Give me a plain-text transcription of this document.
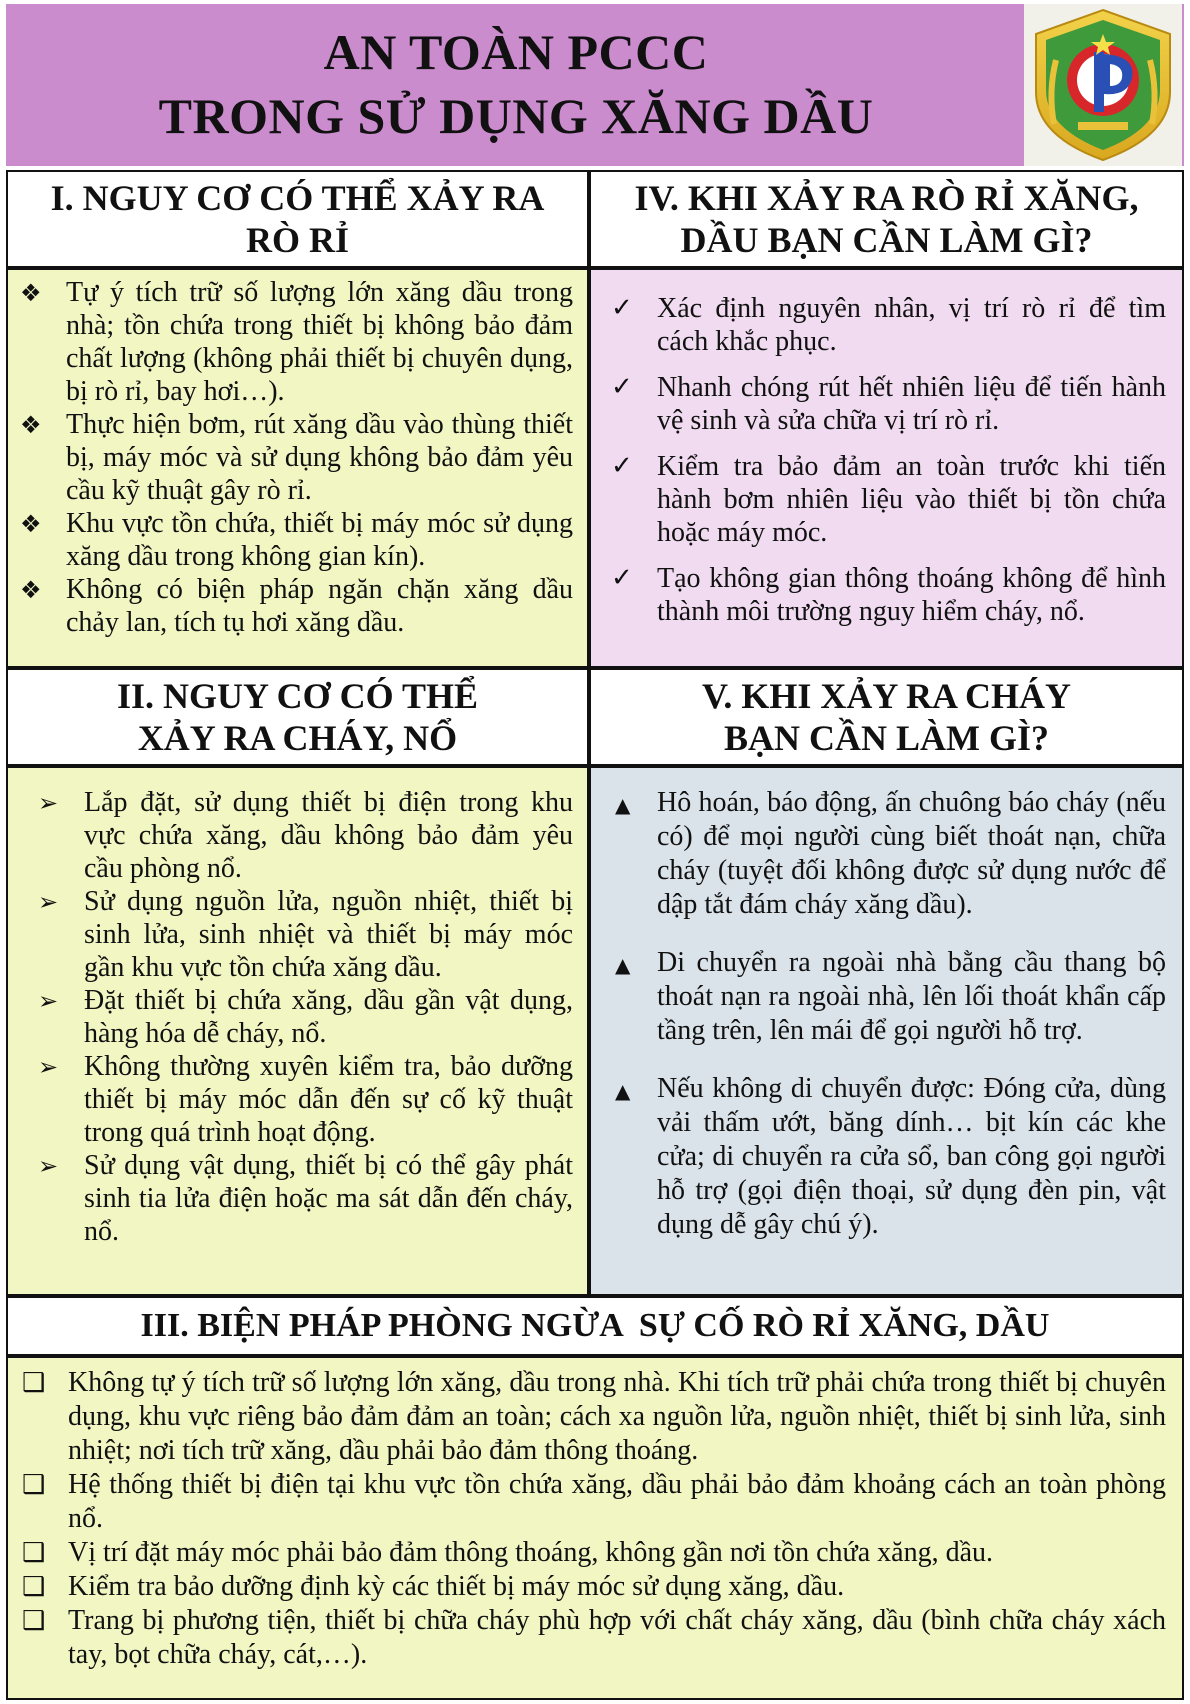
AN TOÀN PCCC
TRONG SỬ DỤNG XĂNG DẦU
I. NGUY CƠ CÓ THỂ XẢY RA
RÒ RỈ
IV. KHI XẢY RA RÒ RỈ XĂNG,
DẦU BẠN CẦN LÀM GÌ?
❖ Tự ý tích trữ số lượng lớn xăng dầu trong nhà; tồn chứa trong thiết bị không bảo đảm chất lượng (không phải thiết bị chuyên dụng, bị rò rỉ, bay hơi…).
❖ Thực hiện bơm, rút xăng dầu vào thùng thiết bị, máy móc và sử dụng không bảo đảm yêu cầu kỹ thuật gây rò rỉ.
❖ Khu vực tồn chứa, thiết bị máy móc sử dụng xăng dầu trong không gian kín).
❖ Không có biện pháp ngăn chặn xăng dầu chảy lan, tích tụ hơi xăng dầu.
✓ Xác định nguyên nhân, vị trí rò rỉ để tìm cách khắc phục.
✓ Nhanh chóng rút hết nhiên liệu để tiến hành vệ sinh và sửa chữa vị trí rò rỉ.
✓ Kiểm tra bảo đảm an toàn trước khi tiến hành bơm nhiên liệu vào thiết bị tồn chứa hoặc máy móc.
✓ Tạo không gian thông thoáng không để hình thành môi trường nguy hiểm cháy, nổ.
II. NGUY CƠ CÓ THỂ
XẢY RA CHÁY, NỔ
V. KHI XẢY RA CHÁY
BẠN CẦN LÀM GÌ?
➢ Lắp đặt, sử dụng thiết bị điện trong khu vực chứa xăng, dầu không bảo đảm yêu cầu phòng nổ.
➢ Sử dụng nguồn lửa, nguồn nhiệt, thiết bị sinh lửa, sinh nhiệt và thiết bị máy móc gần khu vực tồn chứa xăng dầu.
➢ Đặt thiết bị chứa xăng, dầu gần vật dụng, hàng hóa dễ cháy, nổ.
➢ Không thường xuyên kiểm tra, bảo dưỡng thiết bị máy móc dẫn đến sự cố kỹ thuật trong quá trình hoạt động.
➢ Sử dụng vật dụng, thiết bị có thể gây phát sinh tia lửa điện hoặc ma sát dẫn đến cháy, nổ.
▲ Hô hoán, báo động, ấn chuông báo cháy (nếu có) để mọi người cùng biết thoát nạn, chữa cháy (tuyệt đối không được sử dụng nước để dập tắt đám cháy xăng dầu).
▲ Di chuyển ra ngoài nhà bằng cầu thang bộ thoát nạn ra ngoài nhà, lên lối thoát khẩn cấp tầng trên, lên mái để gọi người hỗ trợ.
▲ Nếu không di chuyển được: Đóng cửa, dùng vải thấm ướt, băng dính… bịt kín các khe cửa; di chuyển ra cửa sổ, ban công gọi người hỗ trợ (gọi điện thoại, sử dụng đèn pin, vật dụng dễ gây chú ý).
III. BIỆN PHÁP PHÒNG NGỪA  SỰ CỐ RÒ RỈ XĂNG, DẦU
❑ Không tự ý tích trữ số lượng lớn xăng, dầu trong nhà. Khi tích trữ phải chứa trong thiết bị chuyên dụng, khu vực riêng bảo đảm đảm an toàn; cách xa nguồn lửa, nguồn nhiệt, thiết bị sinh lửa, sinh nhiệt; nơi tích trữ xăng, dầu phải bảo đảm thông thoáng.
❑ Hệ thống thiết bị điện tại khu vực tồn chứa xăng, dầu phải bảo đảm khoảng cách an toàn phòng nổ.
❑ Vị trí đặt máy móc phải bảo đảm thông thoáng, không gần nơi tồn chứa xăng, dầu.
❑ Kiểm tra bảo dưỡng định kỳ các thiết bị máy móc sử dụng xăng, dầu.
❑ Trang bị phương tiện, thiết bị chữa cháy phù hợp với chất cháy xăng, dầu (bình chữa cháy xách tay, bọt chữa cháy, cát,…).
